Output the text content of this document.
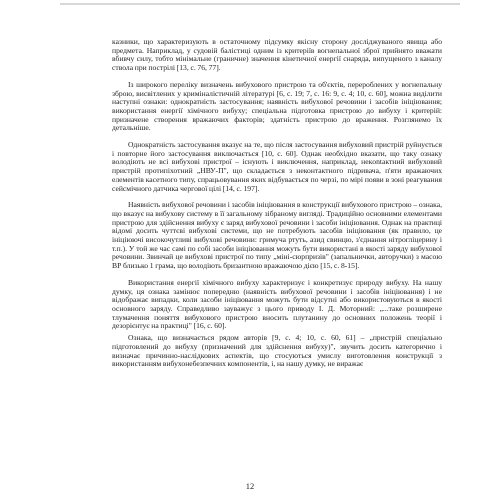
казники, що характеризують в остаточному підсумку якісну сторону досліджуваного явища або предмета. Наприклад, у судовій балістиці одним із критеріїв вогнепальної зброї прийнято вважати вбивчу силу, тобто мінімальне (граничне) значення кінетичної енергії снаряда, випущеного з каналу ствола при пострілі [13, с. 76, 77].

Із широкого переліку визначень вибухового пристрою та об'єктів, перероблених у вогнепальну зброю, висвітлених у криміналістичній літературі [6, с. 19; 7, с. 16: 9, с. 4; 10, с. 60], можна виділити наступні ознаки: однократність застосування; наявність вибухової речовини і засобів ініціювання; використання енергії хімічного вибуху; спеціальна підготовка пристрою до вибуху і критерій: призначене створення вражаючих факторів; здатність пристрою до враження. Розглянемо їх детальніше.

Однократність застосування вказує на те, що після застосування вибуховий пристрій руйнується і повторне його застосування виключається [10, с. 60]. Однак необхідно вказати, що таку ознаку володіють не всі вибухові пристрої – існують і виключення, наприклад, некontактний вибуховий пристрій протипіхотний „НВУ-П", що складається з неконтактного підривача, п'яти вражаючих елементів касетного типу, спрацьовування яких відбувається по черзі, по мірі появи в зоні реагування сейсмічного датчика чергової цілі [14, с. 197].

Наявність вибухової речовини і засобів ініціювання в конструкції вибухового пристрою – ознака, що вказує на вибухову систему в її загальному зібраному вигляді. Традиційно основними елементами пристрою для здійснення вибуху є заряд вибухової речовини і засоби ініціювання. Однак на практиці відомі досить чуттєві вибухові системи, що не потребують засобів ініціювання (як правило, це ініціюючі високочутливі вибухові речовини: гримуча ртуть, азид свинцю, з'єднання нітрогліцерину і т.п.). У той же час самі по собі засоби ініціювання можуть бути використані в якості заряду вибухової речовини. Звинчай це вибухові пристрої по типу „міні-сюрпризів" (запальнички, авторучки) з масою ВР близько 1 грама, що володіють бризантною вражаючою дією [15, с. 8-15].

Використання енергії хімічного вибуху характеризує і конкретизує природу вибуху. На нашу думку, ця ознака замінює попередню (наявність вибухової речовини і засобів ініціювання) і не відображає випадки, коли засоби ініціювання можуть бути відсутні або використовуються в якості основного заряду. Справедливо зауважує з цього приводу І. Д. Моторний: „...таке розширене тлумачення поняття вибухового пристрою вносить плутанину до основних положень теорії і дезорієнтує на практиці" [16, с. 60].

Ознака, що визначається рядом авторів [9, с. 4; 10, с. 60, 61] – „пристрій спеціально підготовлений до вибуху (призначений для здійснення вибуху)", звучить досить категорично і визначає причинно-наслідкових аспектів, що стосуються умислу виготовлення конструкції з використанням вибухонебезпечних компонентів, і, на нашу думку, не виражає

12
